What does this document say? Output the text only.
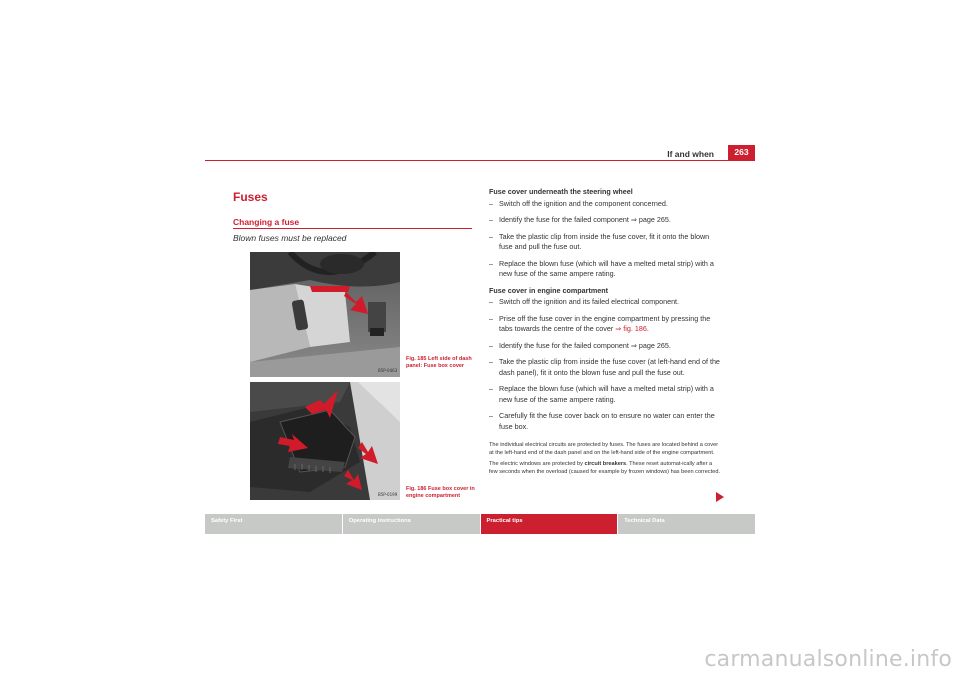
If and when	263
Fuses
Changing a fuse
Blown fuses must be replaced
B5P-0463
Fig. 185 Left side of dash panel: Fuse box cover
B5P-0199
Fig. 186 Fuse box cover in engine compartment
Fuse cover underneath the steering wheel
– Switch off the ignition and the component concerned.
– Identify the fuse for the failed component ⇒ page 265.
– Take the plastic clip from inside the fuse cover, fit it onto the blown fuse and pull the fuse out.
– Replace the blown fuse (which will have a melted metal strip) with a new fuse of the same ampere rating.
Fuse cover in engine compartment
– Switch off the ignition and its failed electrical component.
– Prise off the fuse cover in the engine compartment by pressing the tabs towards the centre of the cover ⇒ fig. 186.
– Identify the fuse for the failed component ⇒ page 265.
– Take the plastic clip from inside the fuse cover (at left-hand end of the dash panel), fit it onto the blown fuse and pull the fuse out.
– Replace the blown fuse (which will have a melted metal strip) with a new fuse of the same ampere rating.
– Carefully fit the fuse cover back on to ensure no water can enter the fuse box.

The individual electrical circuits are protected by fuses. The fuses are located behind a cover at the left-hand end of the dash panel and on the left-hand side of the engine compartment.

The electric windows are protected by circuit breakers. These reset automat-ically after a few seconds when the overload (caused for example by frozen windows) has been corrected.

Safety First	Operating instructions	Practical tips	Technical Data
carmanualsonline.info
